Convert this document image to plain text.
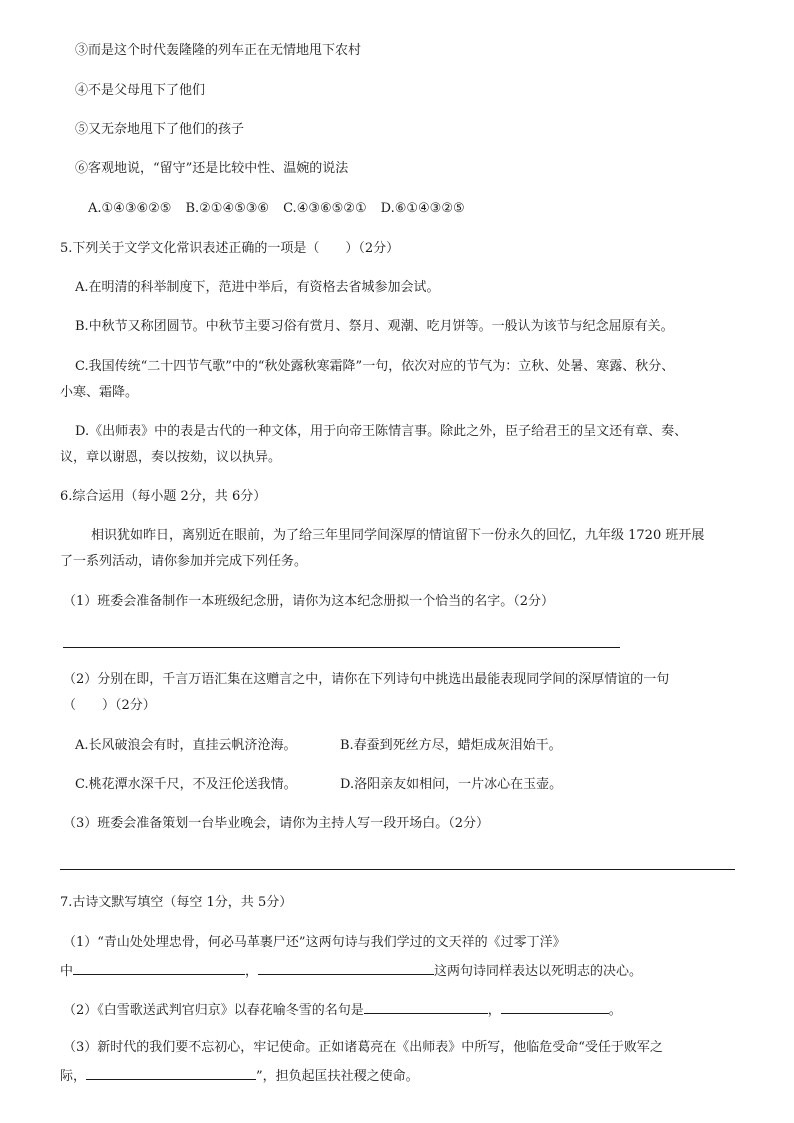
③而是这个时代轰隆隆的列车正在无情地甩下农村
④不是父母甩下了他们
⑤又无奈地甩下了他们的孩子
⑥客观地说，“留守”还是比较中性、温婉的说法
A.①④③⑥②⑤ B.②①④⑤③⑥ C.④③⑥⑤②① D.⑥①④③②⑤
5.下列关于文学文化常识表述正确的一项是（　　）（2分）
A.在明清的科举制度下，范进中举后，有资格去省城参加会试。
B.中秋节又称团圆节。中秋节主要习俗有赏月、祭月、观潮、吃月饼等。一般认为该节与纪念屈原有关。
C.我国传统“二十四节气歌”中的“秋处露秋寒霜降”一句，依次对应的节气为：立秋、处暑、寒露、秋分、
小寒、霜降。
D.《出师表》中的表是古代的一种文体，用于向帝王陈情言事。除此之外，臣子给君王的呈文还有章、奏、
议，章以谢恩，奏以按劾，议以执异。
6.综合运用（每小题 2分，共 6分）
相识犹如昨日，离别近在眼前，为了给三年里同学间深厚的情谊留下一份永久的回忆，九年级 1720 班开展
了一系列活动，请你参加并完成下列任务。
（1）班委会准备制作一本班级纪念册，请你为这本纪念册拟一个恰当的名字。（2分）
（2）分别在即，千言万语汇集在这赠言之中，请你在下列诗句中挑选出最能表现同学间的深厚情谊的一句
（　　）（2分）
A.长风破浪会有时，直挂云帆济沧海。	B.春蚕到死丝方尽，蜡炬成灰泪始干。
C.桃花潭水深千尺，不及汪伦送我情。	D.洛阳亲友如相问，一片冰心在玉壶。
（3）班委会准备策划一台毕业晚会，请你为主持人写一段开场白。（2分）
7.古诗文默写填空（每空 1分，共 5分）
（1）“青山处处埋忠骨，何必马革裹尸还”这两句诗与我们学过的文天祥的《过零丁洋》
中	，	这两句诗同样表达以死明志的决心。
（2）《白雪歌送武判官归京》以春花喻冬雪的名句是	，	。
（3）新时代的我们要不忘初心，牢记使命。正如诸葛亮在《出师表》中所写，他临危受命“受任于败军之
际，	”，担负起匡扶社稷之使命。
